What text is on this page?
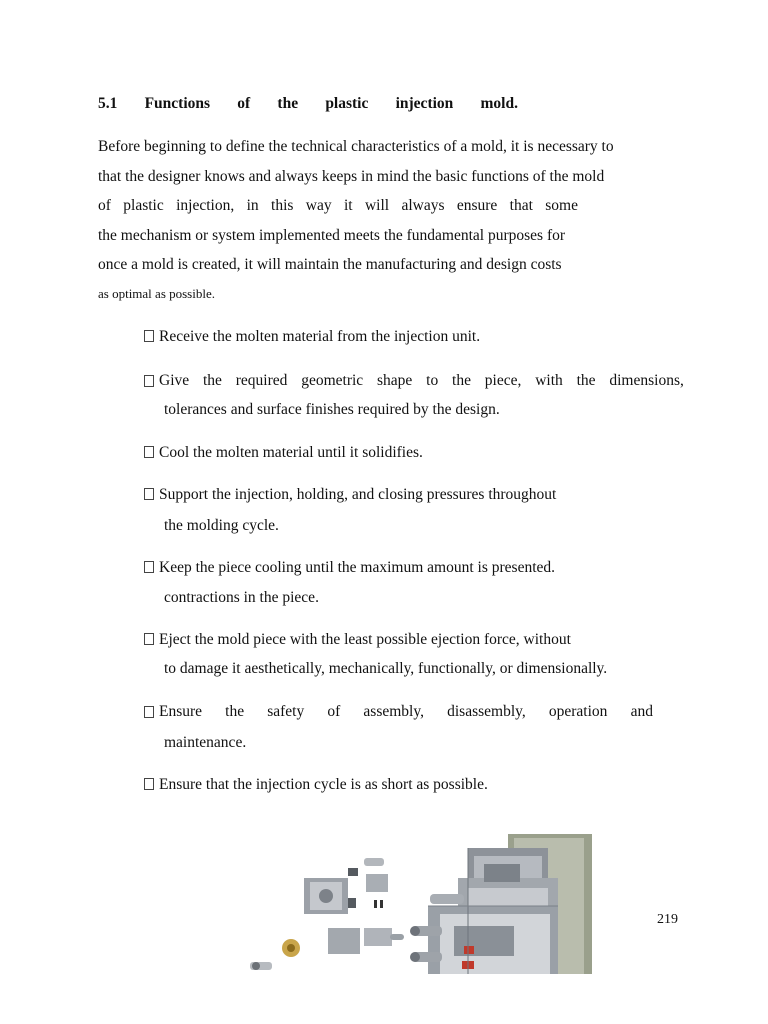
5.1 Functions of the plastic injection mold.
Before beginning to define the technical characteristics of a mold, it is necessary to
that the designer knows and always keeps in mind the basic functions of the mold
of plastic injection, in this way it will always ensure that some
the mechanism or system implemented meets the fundamental purposes for
once a mold is created, it will maintain the manufacturing and design costs
as optimal as possible.
Receive the molten material from the injection unit.
Give the required geometric shape to the piece, with the dimensions,
tolerances and surface finishes required by the design.
Cool the molten material until it solidifies.
Support the injection, holding, and closing pressures throughout
the molding cycle.
Keep the piece cooling until the maximum amount is presented.
contractions in the piece.
Eject the mold piece with the least possible ejection force, without
to damage it aesthetically, mechanically, functionally, or dimensionally.
Ensure the safety of assembly, disassembly, operation and
maintenance.
Ensure that the injection cycle is as short as possible.
219
